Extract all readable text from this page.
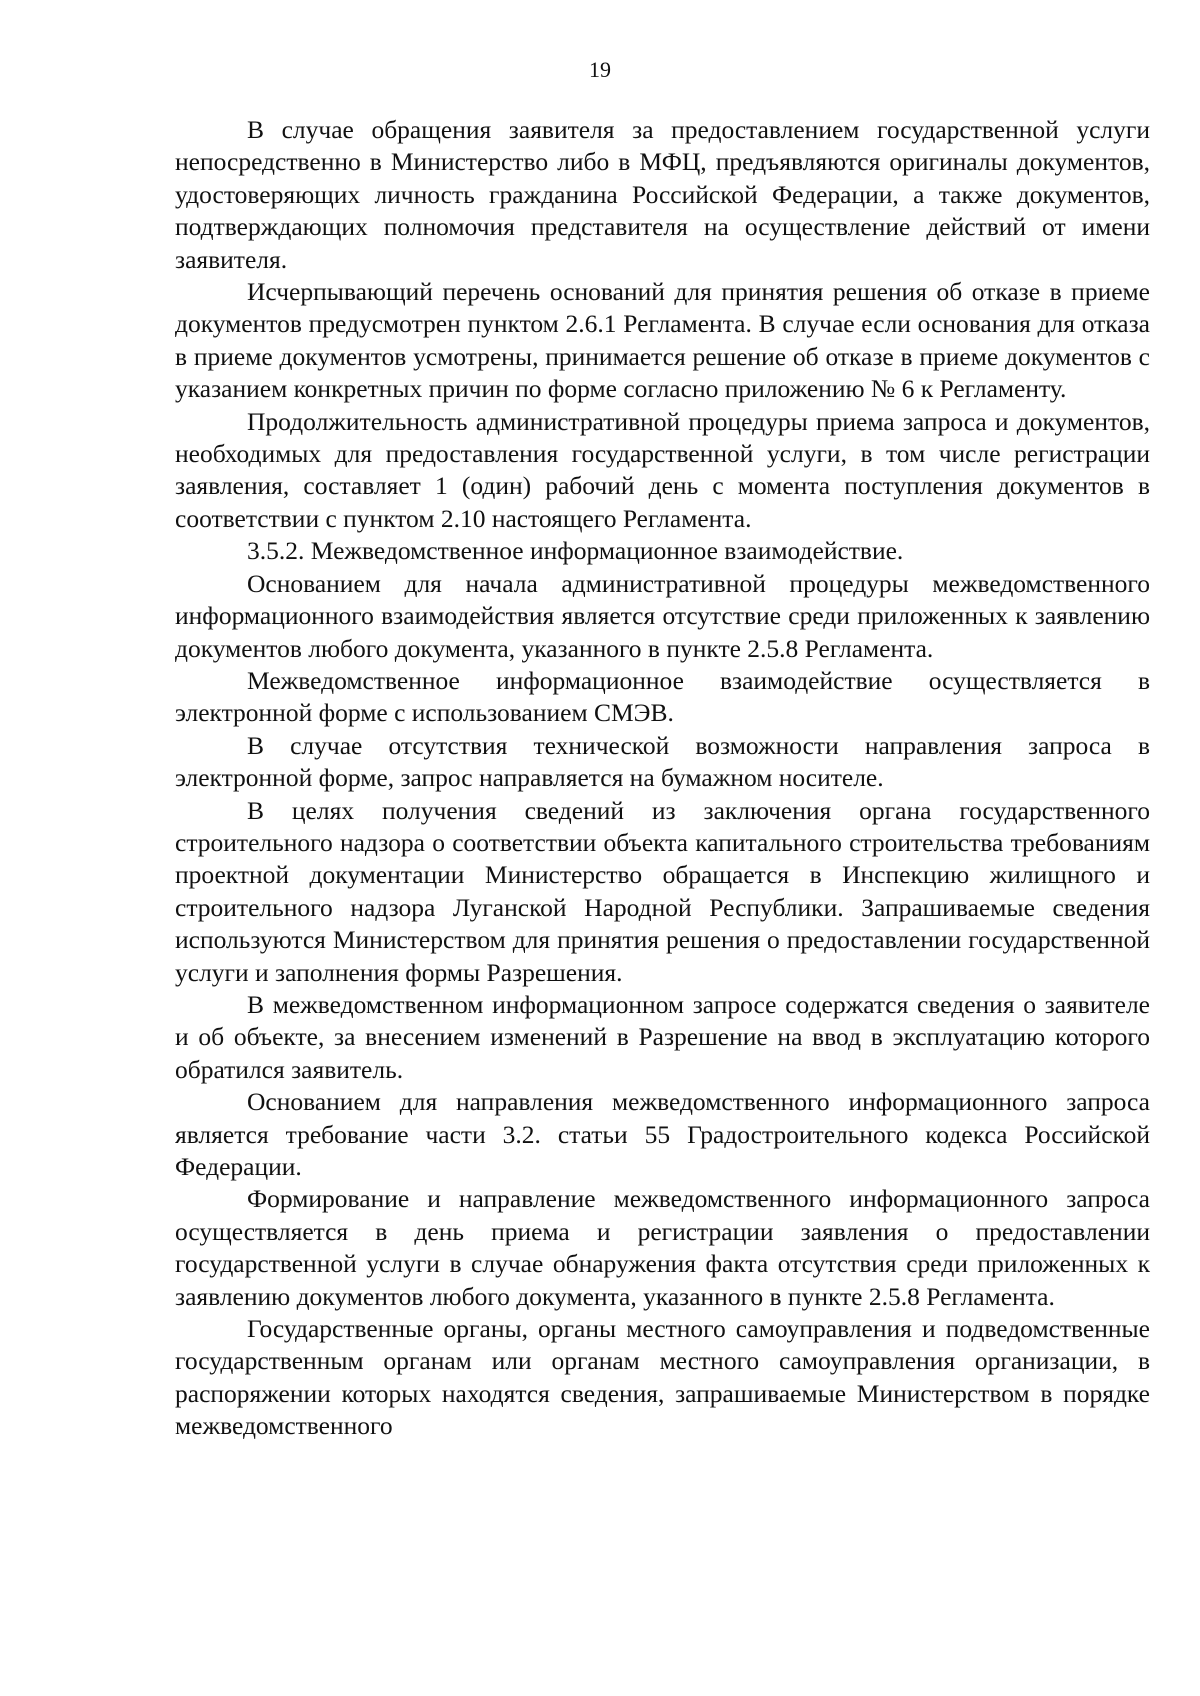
19

В случае обращения заявителя за предоставлением государственной услуги непосредственно в Министерство либо в МФЦ, предъявляются оригиналы документов, удостоверяющих личность гражданина Российской Федерации, а также документов, подтверждающих полномочия представителя на осуществление действий от имени заявителя.

Исчерпывающий перечень оснований для принятия решения об отказе в приеме документов предусмотрен пунктом 2.6.1 Регламента. В случае если основания для отказа в приеме документов усмотрены, принимается решение об отказе в приеме документов с указанием конкретных причин по форме согласно приложению № 6 к Регламенту.

Продолжительность административной процедуры приема запроса и документов, необходимых для предоставления государственной услуги, в том числе регистрации заявления, составляет 1 (один) рабочий день с момента поступления документов в соответствии с пунктом 2.10 настоящего Регламента.

3.5.2. Межведомственное информационное взаимодействие.

Основанием для начала административной процедуры межведомственного информационного взаимодействия является отсутствие среди приложенных к заявлению документов любого документа, указанного в пункте 2.5.8 Регламента.

Межведомственное информационное взаимодействие осуществляется в электронной форме с использованием СМЭВ.

В случае отсутствия технической возможности направления запроса в электронной форме, запрос направляется на бумажном носителе.

В целях получения сведений из заключения органа государственного строительного надзора о соответствии объекта капитального строительства требованиям проектной документации Министерство обращается в Инспекцию жилищного и строительного надзора Луганской Народной Республики. Запрашиваемые сведения используются Министерством для принятия решения о предоставлении государственной услуги и заполнения формы Разрешения.

В межведомственном информационном запросе содержатся сведения о заявителе и об объекте, за внесением изменений в Разрешение на ввод в эксплуатацию которого обратился заявитель.

Основанием для направления межведомственного информационного запроса является требование части 3.2. статьи 55 Градостроительного кодекса Российской Федерации.

Формирование и направление межведомственного информационного запроса осуществляется в день приема и регистрации заявления о предоставлении государственной услуги в случае обнаружения факта отсутствия среди приложенных к заявлению документов любого документа, указанного в пункте 2.5.8 Регламента.

Государственные органы, органы местного самоуправления и подведомственные государственным органам или органам местного самоуправления организации, в распоряжении которых находятся сведения, запрашиваемые Министерством в порядке межведомственного
